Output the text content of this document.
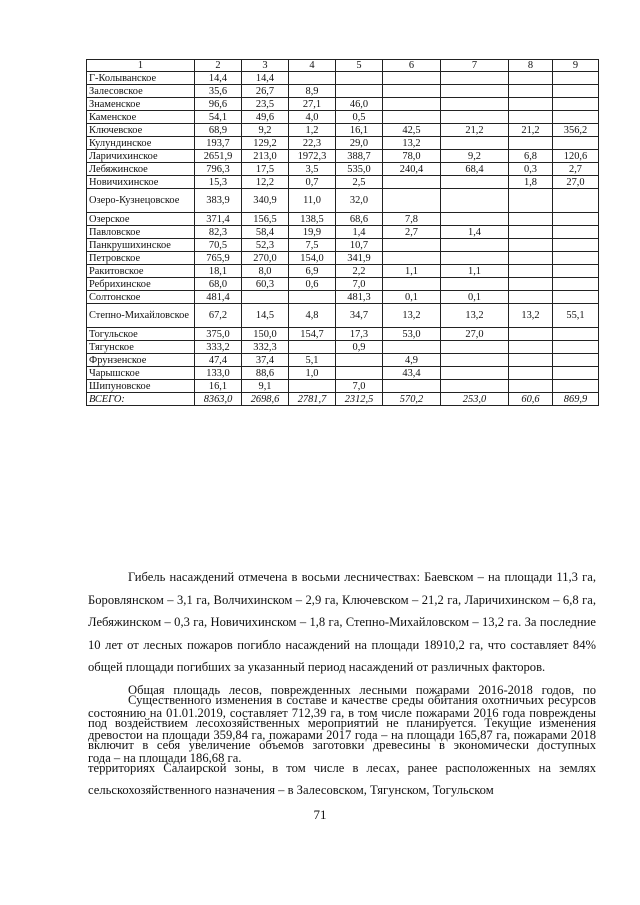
1	2	3	4	5	6	7	8	9
Г-Колыванское	14,4	14,4						
Залесовское	35,6	26,7	8,9					
Знаменское	96,6	23,5	27,1	46,0				
Каменское	54,1	49,6	4,0	0,5				
Ключевское	68,9	9,2	1,2	16,1	42,5	21,2	21,2	356,2
Кулундинское	193,7	129,2	22,3	29,0	13,2			
Ларичихинское	2651,9	213,0	1972,3	388,7	78,0	9,2	6,8	120,6
Лебяжинское	796,3	17,5	3,5	535,0	240,4	68,4	0,3	2,7
Новичихинское	15,3	12,2	0,7	2,5			1,8	27,0
Озеро-Кузнецовское	383,9	340,9	11,0	32,0				
Озерское	371,4	156,5	138,5	68,6	7,8			
Павловское	82,3	58,4	19,9	1,4	2,7	1,4		
Панкрушихинское	70,5	52,3	7,5	10,7				
Петровское	765,9	270,0	154,0	341,9				
Ракитовское	18,1	8,0	6,9	2,2	1,1	1,1		
Ребрихинское	68,0	60,3	0,6	7,0				
Солтонское	481,4			481,3	0,1	0,1		
Степно-Михайловское	67,2	14,5	4,8	34,7	13,2	13,2	13,2	55,1
Тогульское	375,0	150,0	154,7	17,3	53,0	27,0		
Тягунское	333,2	332,3		0,9				
Фрунзенское	47,4	37,4	5,1		4,9			
Чарышское	133,0	88,6	1,0		43,4			
Шипуновское	16,1	9,1		7,0				
ВСЕГО:	8363,0	2698,6	2781,7	2312,5	570,2	253,0	60,6	869,9

Гибель насаждений отмечена в восьми лесничествах: Баевском – на площади 11,3 га, Боровлянском – 3,1 га, Волчихинском – 2,9 га, Ключевском – 21,2 га, Ларичихинском – 6,8 га, Лебяжинском – 0,3 га, Новичихинском – 1,8 га, Степно-Михайловском – 13,2 га. За последние 10 лет от лесных пожаров погибло насаждений на площади 18910,2 га, что составляет 84% общей площади погибших за указанный период насаждений от различных факторов.

Общая площадь лесов, поврежденных лесными пожарами 2016-2018 годов, по состоянию на 01.01.2019, составляет 712,39 га, в том числе пожарами 2016 года повреждены древостои на площади 359,84 га, пожарами 2017 года – на площади 165,87 га, пожарами 2018 года – на площади 186,68 га.

Существенного изменения в составе и качестве среды обитания охотничьих ресурсов под воздействием лесохозяйственных мероприятий не планируется. Текущие изменения включит в себя увеличение объемов заготовки древесины в экономически доступных территориях Салаирской зоны, в том числе в лесах, ранее расположенных на землях сельскохозяйственного назначения – в Залесовском, Тягунском, Тогульском

71
